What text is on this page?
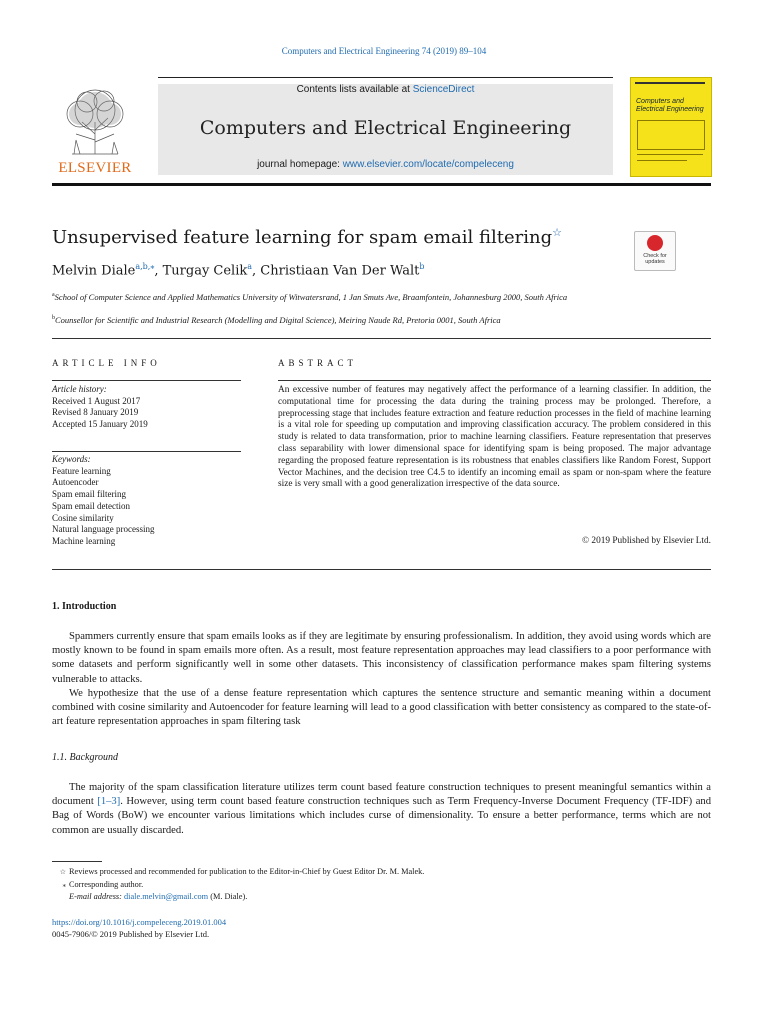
Computers and Electrical Engineering 74 (2019) 89–104
ELSEVIER
Contents lists available at ScienceDirect
Computers and Electrical Engineering
journal homepage: www.elsevier.com/locate/compeleceng
Computers and Electrical Engineering
Unsupervised feature learning for spam email filtering☆
Check for updates
Melvin Diale$^{a,b,⁎}$, Turgay Celik$^a$, Christiaan Van Der Walt$^b$
$^a$School of Computer Science and Applied Mathematics University of Witwatersrand, 1 Jan Smuts Ave, Braamfontein, Johannesburg 2000, South Africa
$^b$Counsellor for Scientific and Industrial Research (Modelling and Digital Science), Meiring Naude Rd, Pretoria 0001, South Africa
ARTICLE INFO	ABSTRACT
Article history:
Received 1 August 2017
Revised 8 January 2019
Accepted 15 January 2019
Keywords:
Feature learning
Autoencoder
Spam email filtering
Spam email detection
Cosine similarity
Natural language processing
Machine learning
An excessive number of features may negatively affect the performance of a learning classifier. In addition, the computational time for processing the data during the training process may be prolonged. Therefore, a preprocessing stage that includes feature extraction and feature reduction processes in the field of machine learning is a vital role for speeding up computation and improving classification accuracy. The problem considered in this study is related to data transformation, prior to machine learning classifiers. Feature representation that preserves class separability with lower dimensional space for identifying spam is being proposed. The major advantage regarding the proposed feature representation is its robustness that enables classifiers like Random Forest, Support Vector Machines, and the decision tree C4.5 to identify an incoming email as spam or non-spam where the feature size is very small with a good generalization irrespective of the data source.
© 2019 Published by Elsevier Ltd.
1. Introduction

Spammers currently ensure that spam emails looks as if they are legitimate by ensuring professionalism. In addition, they avoid using words which are mostly known to be found in spam emails more often. As a result, most feature representation approaches may lead classifiers to a poor performance with some datasets and perform significantly well in some other datasets. This inconsistency of classification performance makes spam filtering systems vulnerable to attacks.

We hypothesize that the use of a dense feature representation which captures the sentence structure and semantic meaning within a document combined with cosine similarity and Autoencoder for feature learning will lead to a good classification with better consistency as compared to the state-of-art feature representation approaches in spam filtering task

1.1. Background

The majority of the spam classification literature utilizes term count based feature construction techniques to present meaningful semantics within a document [1–3]. However, using term count based feature construction techniques such as Term Frequency-Inverse Document Frequency (TF-IDF) and Bag of Words (BoW) we encounter various limitations which includes curse of dimensionality. To ensure a better performance, terms which are not common are usually discarded.

☆ Reviews processed and recommended for publication to the Editor-in-Chief by Guest Editor Dr. M. Malek.
⁎ Corresponding author.
E-mail address: diale.melvin@gmail.com (M. Diale).
https://doi.org/10.1016/j.compeleceng.2019.01.004
0045-7906/© 2019 Published by Elsevier Ltd.
